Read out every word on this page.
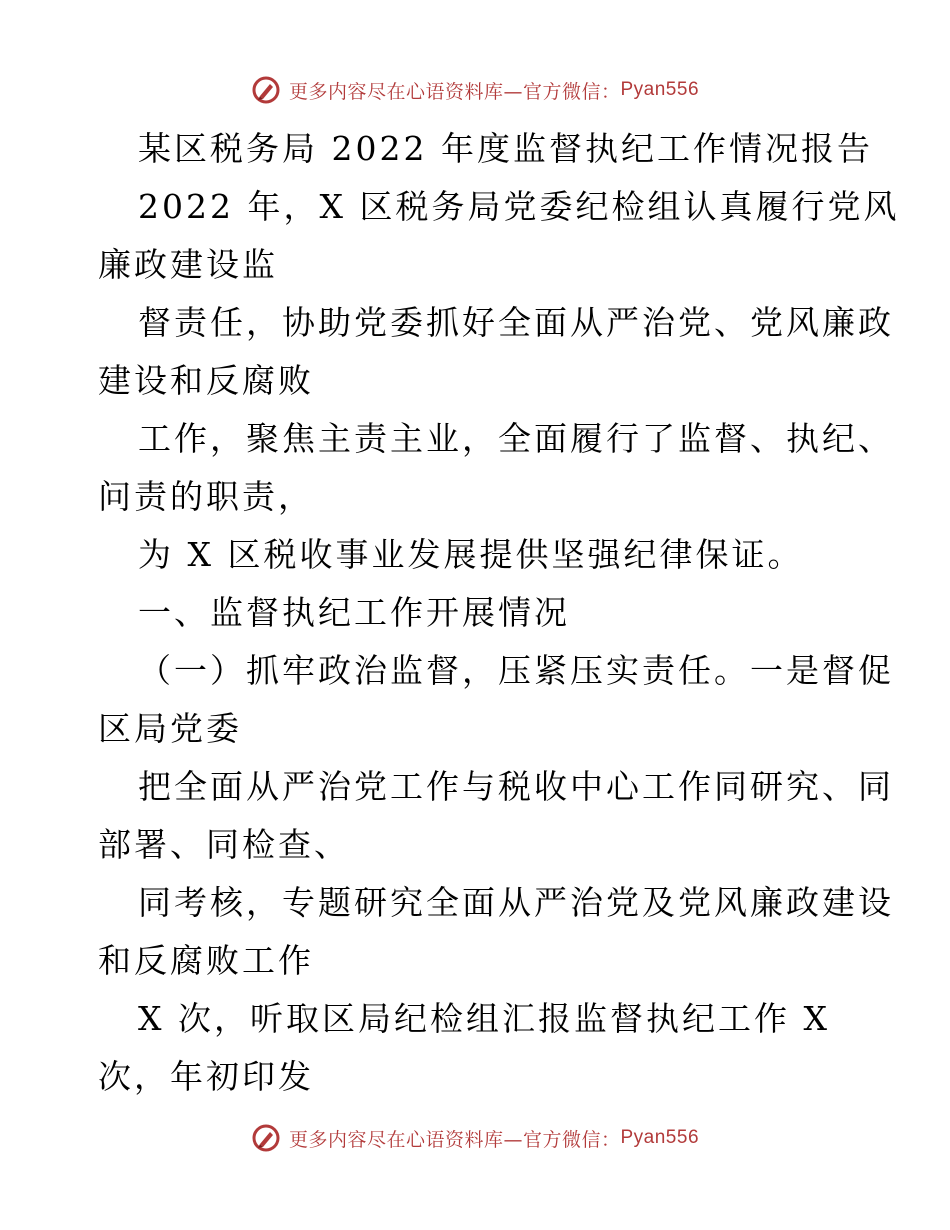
更多内容尽在心语资料库—官方微信： Pyan556
某区税务局 2022 年度监督执纪工作情况报告
2022 年，X 区税务局党委纪检组认真履行党风
廉政建设监
督责任，协助党委抓好全面从严治党、党风廉政
建设和反腐败
工作，聚焦主责主业，全面履行了监督、执纪、
问责的职责，
为 X 区税收事业发展提供坚强纪律保证。
一、监督执纪工作开展情况
（一）抓牢政治监督，压紧压实责任。一是督促
区局党委
把全面从严治党工作与税收中心工作同研究、同
部署、同检查、
同考核，专题研究全面从严治党及党风廉政建设
和反腐败工作
X 次，听取区局纪检组汇报监督执纪工作 X
次，年初印发
更多内容尽在心语资料库—官方微信： Pyan556
